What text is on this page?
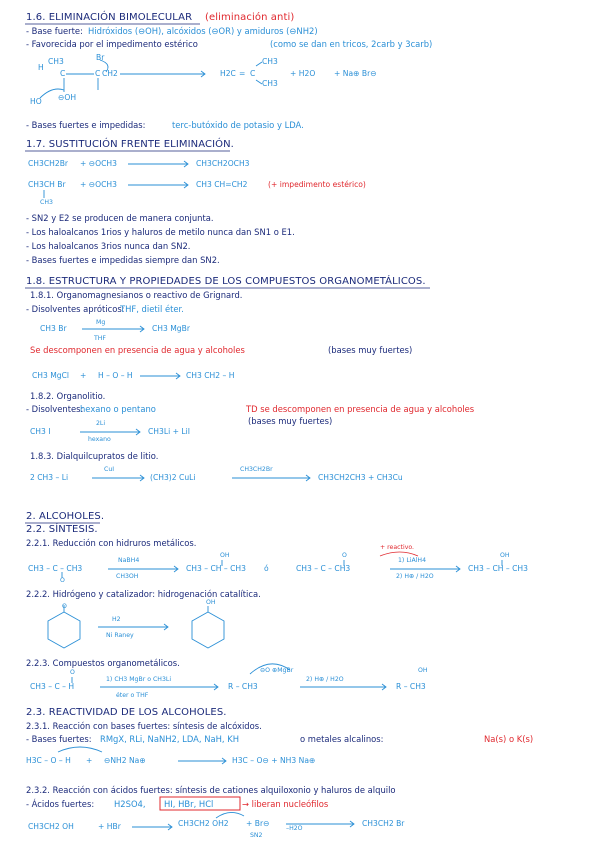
1.6. ELIMINACIÓN BIMOLECULAR (eliminación anti)
- Base fuerte: Hidróxidos (⊖OH), alcóxidos (⊖OR) y amiduros (⊖NH2)
- Favorecida por el impedimento estérico	(como se dan en tricos, 2carb y 3carb)
H
C
CH3
C CH2
Br
HO ⊖OH
H2C = C
CH3
CH3
+ H2O + Na⊕ Br⊖
- Bases fuertes e impedidas:	terc-butóxido de potasio y LDA.
1.7. SUSTITUCIÓN FRENTE ELIMINACIÓN.
CH3CH2Br + ⊖OCH3	CH3CH2OCH3
CH3CH Br + ⊖OCH3	CH3 CH=CH2	(+ impedimento estérico)
CH3
- SN2 y E2 se producen de manera conjunta.
- Los haloalcanos 1rios y haluros de metilo nunca dan SN1 o E1.
- Los haloalcanos 3rios nunca dan SN2.
- Bases fuertes e impedidas siempre dan SN2.
1.8. ESTRUCTURA Y PROPIEDADES DE LOS COMPUESTOS ORGANOMETÁLICOS.
1.8.1. Organomagnesianos o reactivo de Grignard.
- Disolventes apróticos:
THF, dietil éter.
CH3 Br
Mg
THF
CH3 MgBr
Se descomponen en presencia de agua y alcoholes	(bases muy fuertes)
CH3 MgCl + H – O – H	CH3 CH2 – H
1.8.2. Organolitio.
- Disolventes:
hexano o pentano	TD se descomponen en presencia de agua y alcoholes
(bases muy fuertes)
CH3 I
2Li
hexano
CH3Li + LiI
1.8.3. Dialquilcupratos de litio.
2 CH3 – Li
CuI
(CH3)2 CuLi
CH3CH2Br
CH3CH2CH3 + CH3Cu
2. ALCOHOLES.
2.2. SÍNTESIS.
2.2.1. Reducción con hidruros metálicos.	+ reactivo.
CH3 – C – CH3
O
NaBH4
CH3OH
CH3 – CH – CH3
OH
ó	CH3 – C – CH3
O
1) LiAlH4
2) H⊕ / H2O
CH3 – CH – CH3
OH
2.2.2. Hidrógeno y catalizador: hidrogenación catalítica.
H2
Ni Raney
O
OH
2.2.3. Compuestos organometálicos.
CH3 – C – H
O
1) CH3 MgBr o CH3Li
éter o THF
R – CH3
⊖O ⊕MgBr
2) H⊕ / H2O
R – CH3
OH
2.3. REACTIVIDAD DE LOS ALCOHOLES.
2.3.1. Reacción con bases fuertes: síntesis de alcóxidos.
- Bases fuertes: RMgX, RLi, NaNH2, LDA, NaH, KH	o metales alcalinos:	Na(s) o K(s)
H3C – O – H + ⊖NH2 Na⊕	H3C – O⊖ + NH3 Na⊕
2.3.2. Reacción con ácidos fuertes: síntesis de cationes alquiloxonio y haluros de alquilo
- Ácidos fuertes: H2SO4, HI, HBr, HCl	→ liberan nucleófilos
CH3CH2 OH	+ HBr	CH3CH2 OH2 + Br⊖
SN2
–H2O
CH3CH2 Br
